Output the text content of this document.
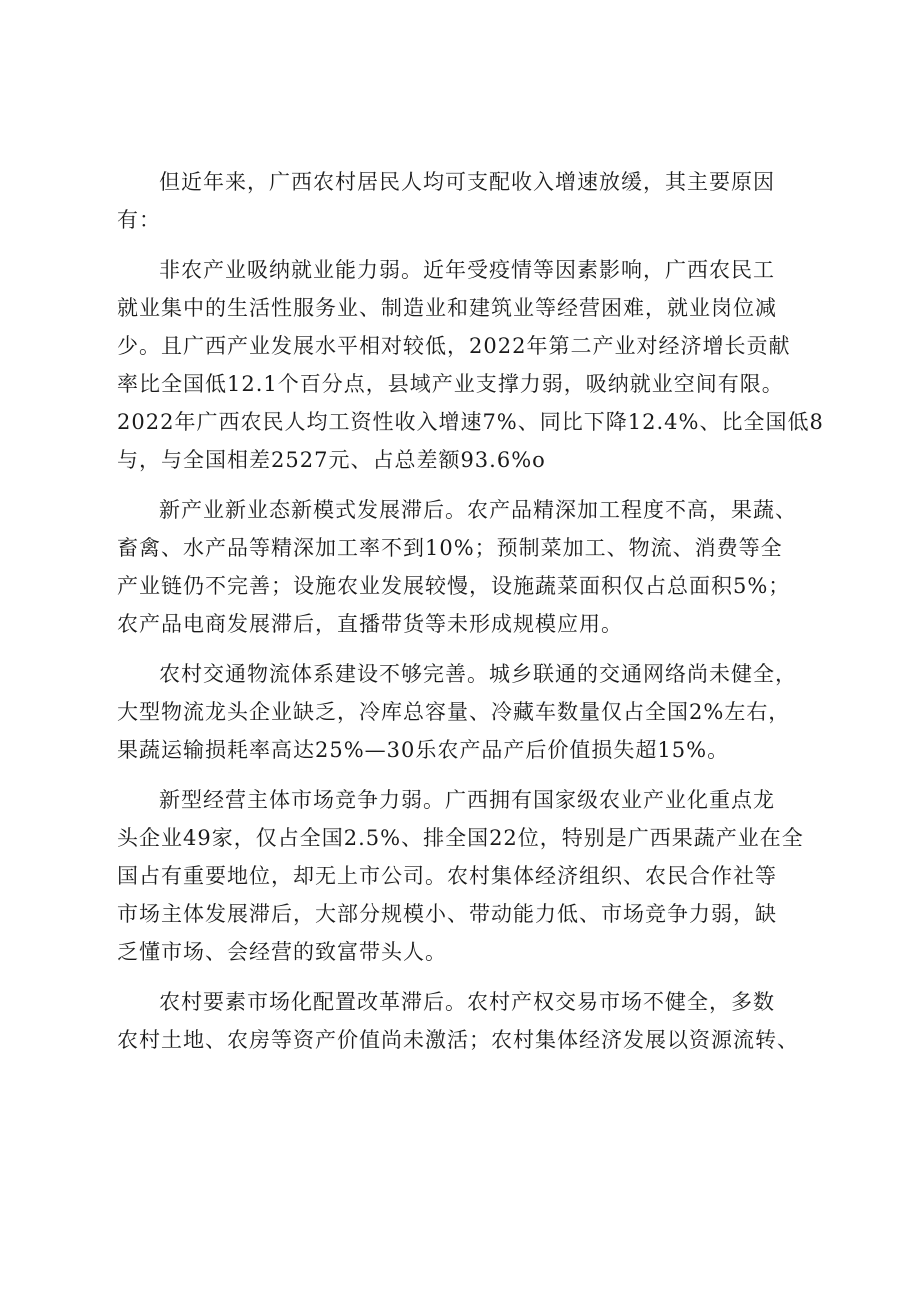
但近年来，广西农村居民人均可支配收入增速放缓，其主要原因
有：

非农产业吸纳就业能力弱。近年受疫情等因素影响，广西农民工
就业集中的生活性服务业、制造业和建筑业等经营困难，就业岗位减
少。且广西产业发展水平相对较低，2022年第二产业对经济增长贡献
率比全国低12.1个百分点，县域产业支撑力弱，吸纳就业空间有限。
2022年广西农民人均工资性收入增速7%、同比下降12.4%、比全国低8
与，与全国相差2527元、占总差额93.6%o

新产业新业态新模式发展滞后。农产品精深加工程度不高，果蔬、
畜禽、水产品等精深加工率不到10%；预制菜加工、物流、消费等全
产业链仍不完善；设施农业发展较慢，设施蔬菜面积仅占总面积5%；
农产品电商发展滞后，直播带货等未形成规模应用。

农村交通物流体系建设不够完善。城乡联通的交通网络尚未健全，
大型物流龙头企业缺乏，冷库总容量、冷藏车数量仅占全国2%左右，
果蔬运输损耗率高达25%—30乐农产品产后价值损失超15%。

新型经营主体市场竞争力弱。广西拥有国家级农业产业化重点龙
头企业49家，仅占全国2.5%、排全国22位，特别是广西果蔬产业在全
国占有重要地位，却无上市公司。农村集体经济组织、农民合作社等
市场主体发展滞后，大部分规模小、带动能力低、市场竞争力弱，缺
乏懂市场、会经营的致富带头人。

农村要素市场化配置改革滞后。农村产权交易市场不健全，多数
农村土地、农房等资产价值尚未激活；农村集体经济发展以资源流转、
